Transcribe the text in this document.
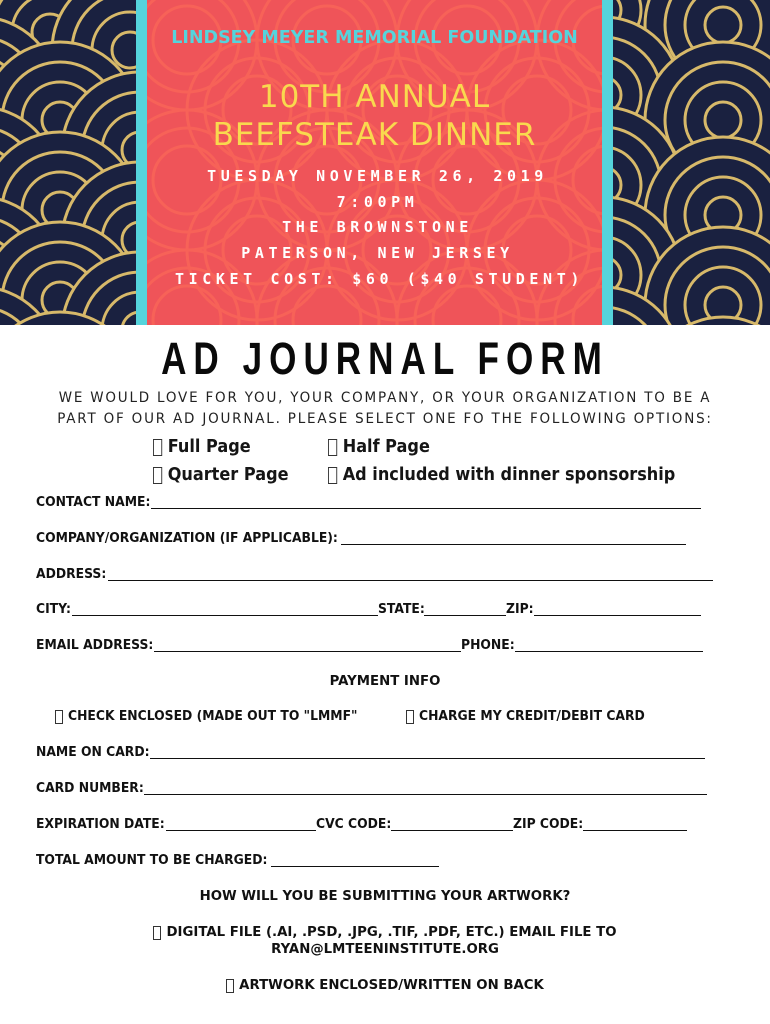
LINDSEY MEYER MEMORIAL FOUNDATION
10TH ANNUAL
BEEFSTEAK DINNER
TUESDAY NOVEMBER 26, 2019
7:00PM
THE BROWNSTONE
PATERSON, NEW JERSEY
TICKET COST: $60 ($40 STUDENT)
AD JOURNAL FORM
WE WOULD LOVE FOR YOU, YOUR COMPANY, OR YOUR ORGANIZATION TO BE A
PART OF OUR AD JOURNAL. PLEASE SELECT ONE FO THE FOLLOWING OPTIONS:
Full Page	Half Page
Quarter Page	Ad included with dinner sponsorship
CONTACT NAME:
COMPANY/ORGANIZATION (IF APPLICABLE):
ADDRESS:
CITY:	STATE:	ZIP:
EMAIL ADDRESS:	PHONE:
PAYMENT INFO
CHECK ENCLOSED (MADE OUT TO "LMMF"	CHARGE MY CREDIT/DEBIT CARD
NAME ON CARD:
CARD NUMBER:
EXPIRATION DATE:	CVC CODE:	ZIP CODE:
TOTAL AMOUNT TO BE CHARGED:
HOW WILL YOU BE SUBMITTING YOUR ARTWORK?
DIGITAL FILE (.AI, .PSD, .JPG, .TIF, .PDF, ETC.) EMAIL FILE TO
RYAN@LMTEENINSTITUTE.ORG
ARTWORK ENCLOSED/WRITTEN ON BACK
